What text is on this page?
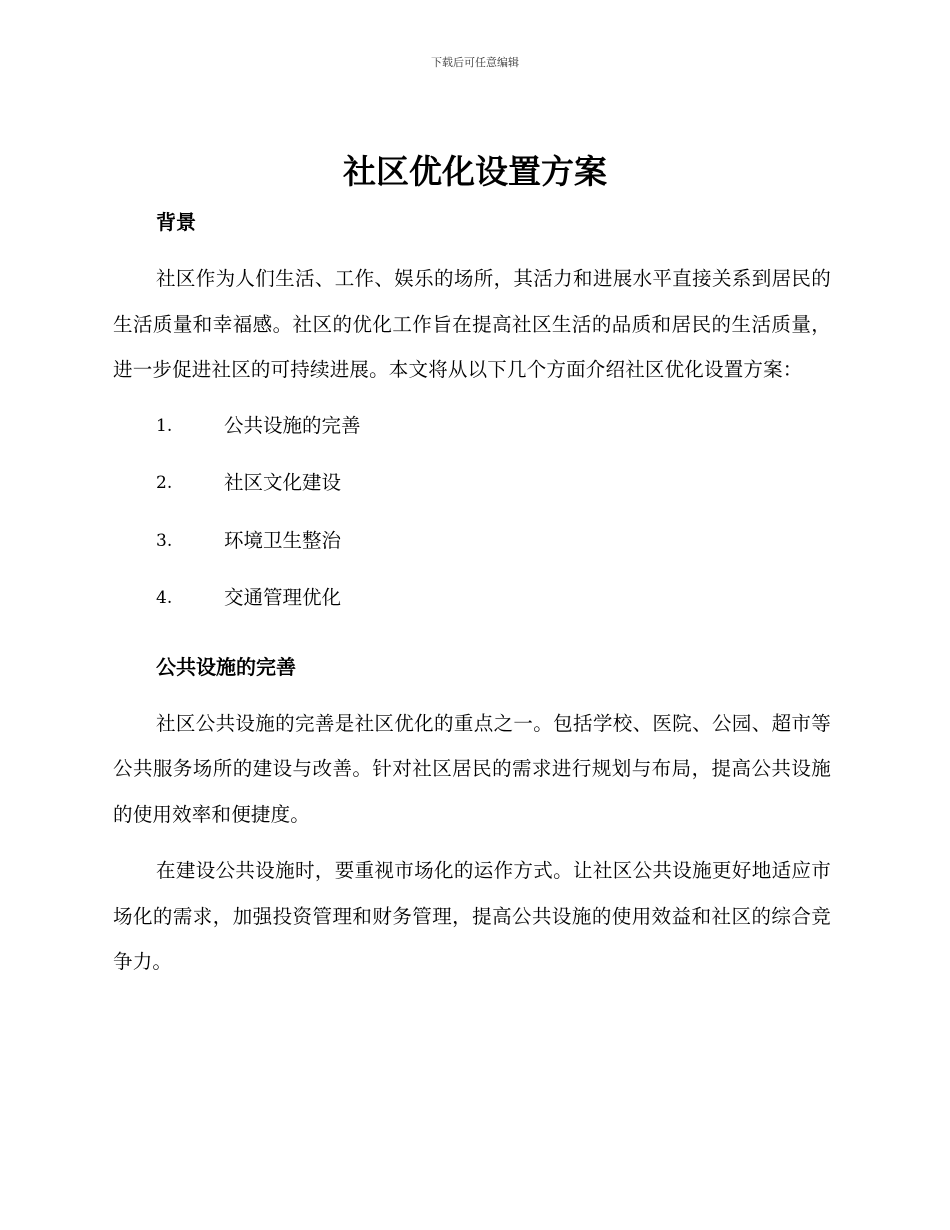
下载后可任意编辑
社区优化设置方案
背景

社区作为人们生活、工作、娱乐的场所，其活力和进展水平直接关系到居民的生活质量和幸福感。社区的优化工作旨在提高社区生活的品质和居民的生活质量，进一步促进社区的可持续进展。本文将从以下几个方面介绍社区优化设置方案：

1.	公共设施的完善
2.	社区文化建设
3.	环境卫生整治
4.	交通管理优化
公共设施的完善

社区公共设施的完善是社区优化的重点之一。包括学校、医院、公园、超市等公共服务场所的建设与改善。针对社区居民的需求进行规划与布局，提高公共设施的使用效率和便捷度。

在建设公共设施时，要重视市场化的运作方式。让社区公共设施更好地适应市场化的需求，加强投资管理和财务管理，提高公共设施的使用效益和社区的综合竞争力。
